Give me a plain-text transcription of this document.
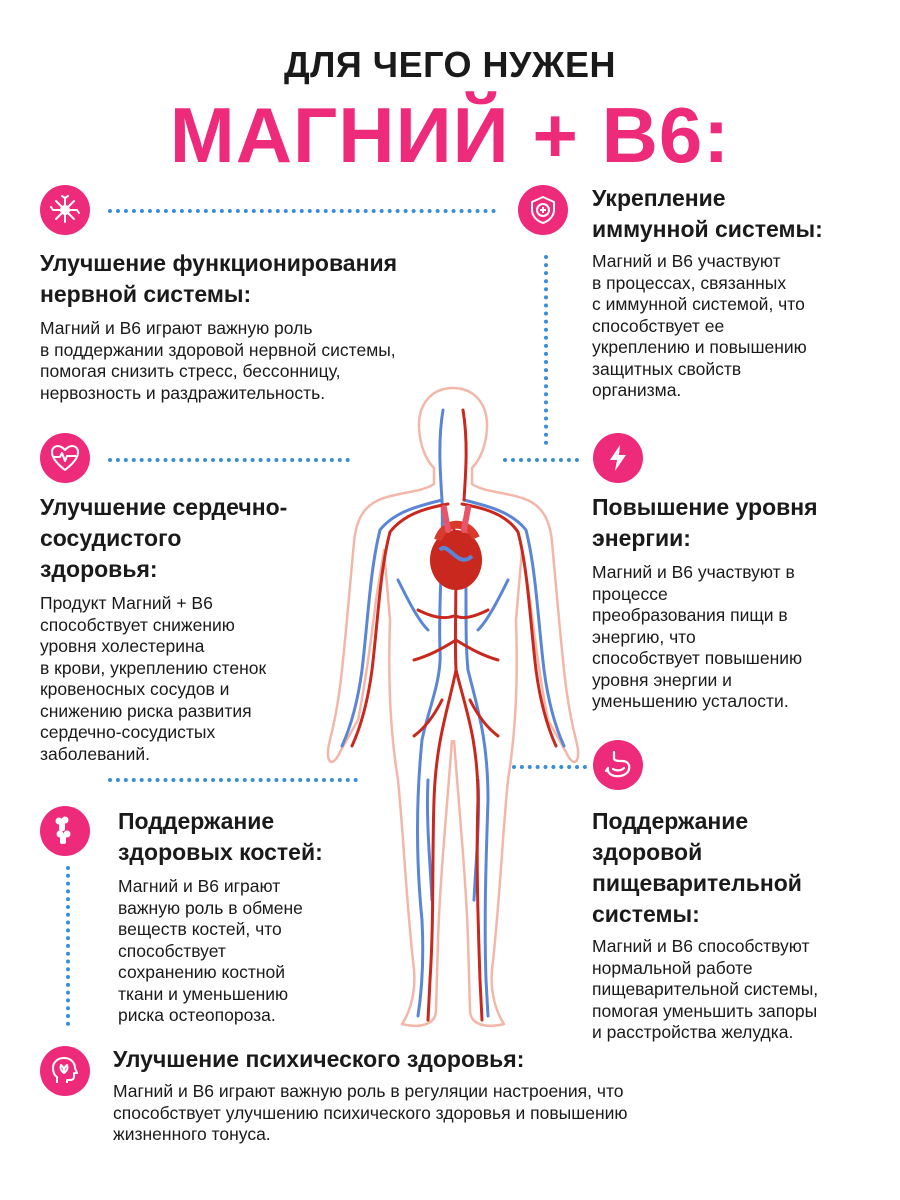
ДЛЯ ЧЕГО НУЖЕН
МАГНИЙ + В6:
Улучшение функционирования
нервной системы:
Магний и В6 играют важную роль
в поддержании здоровой нервной системы,
помогая снизить стресс, бессонницу,
нервозность и раздражительность.
Улучшение сердечно-
сосудистого
здоровья:
Продукт Магний + В6
способствует снижению
уровня холестерина
в крови, укреплению стенок
кровеносных сосудов и
снижению риска развития
сердечно-сосудистых
заболеваний.
Поддержание
здоровых костей:
Магний и В6 играют
важную роль в обмене
веществ костей, что
способствует
сохранению костной
ткани и уменьшению
риска остеопороза.
Улучшение психического здоровья:
Магний и В6 играют важную роль в регуляции настроения, что
способствует улучшению психического здоровья и повышению
жизненного тонуса.
Укрепление
иммунной системы:
Магний и В6 участвуют
в процессах, связанных
с иммунной системой, что
способствует ее
укреплению и повышению
защитных свойств
организма.
Повышение уровня
энергии:
Магний и В6 участвуют в
процессе
преобразования пищи в
энергию, что
способствует повышению
уровня энергии и
уменьшению усталости.
Поддержание
здоровой
пищеварительной
системы:
Магний и В6 способствуют
нормальной работе
пищеварительной системы,
помогая уменьшить запоры
и расстройства желудка.
